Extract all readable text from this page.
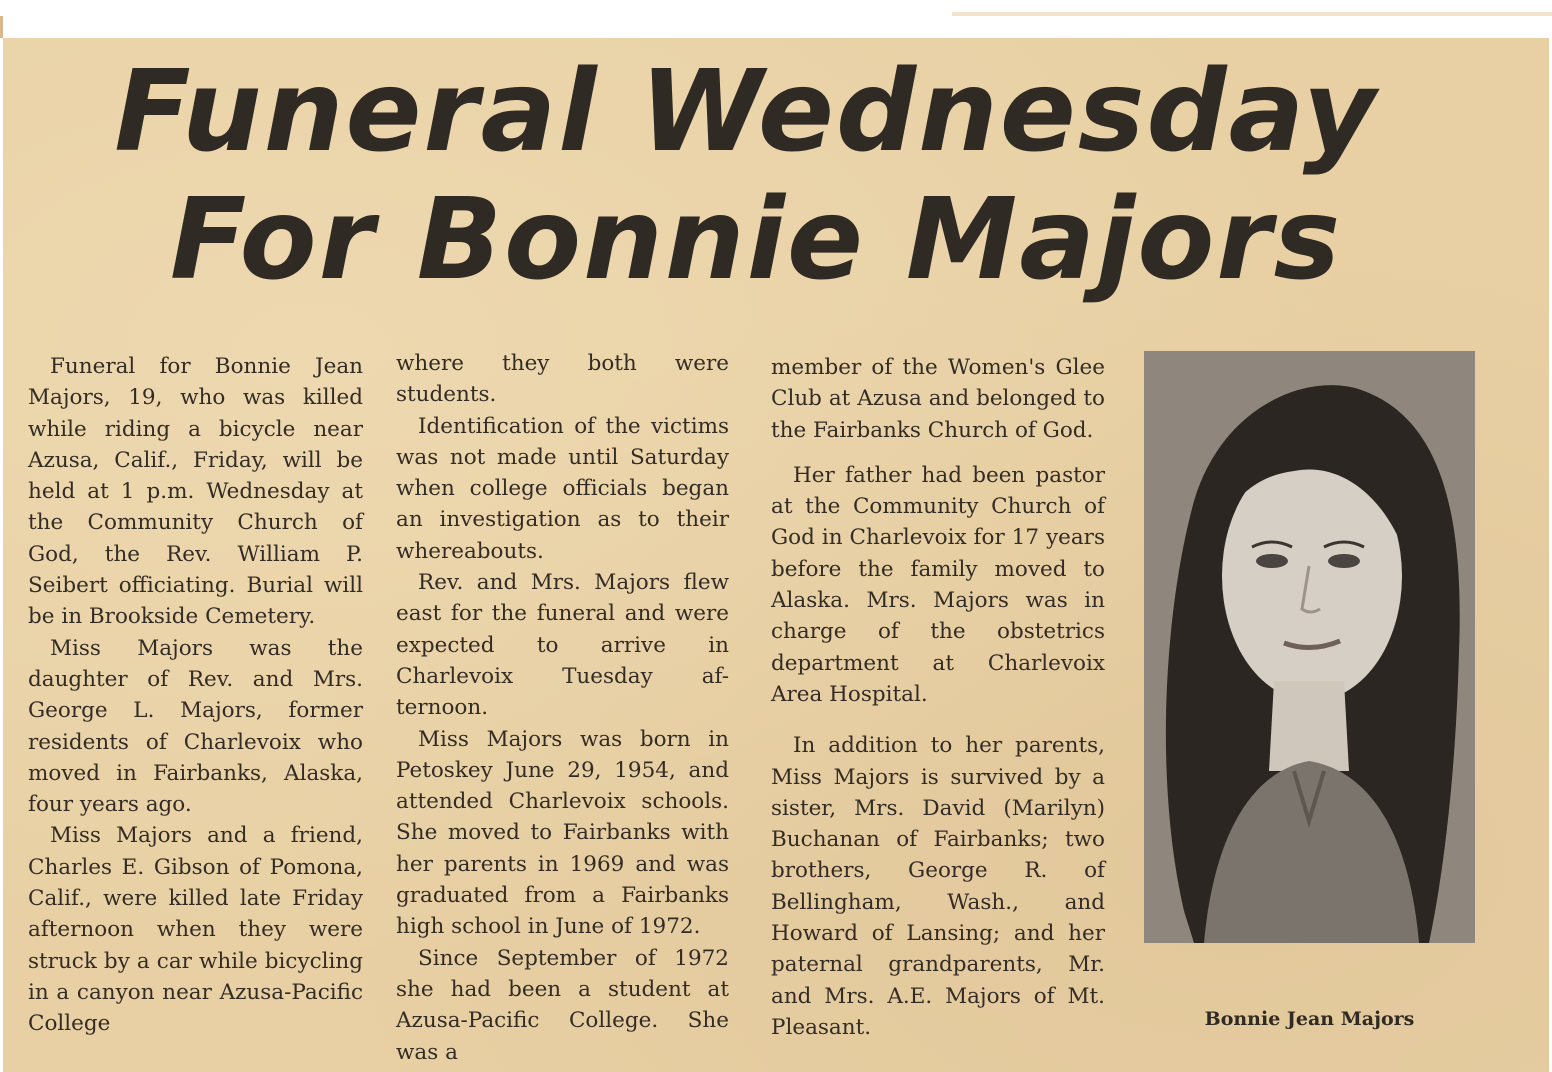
Funeral Wednesday
For Bonnie Majors

Funeral for Bonnie Jean Majors, 19, who was killed while riding a bicycle near Azusa, Calif., Friday, will be held at 1 p.m. Wednesday at the Community Church of God, the Rev. William P. Seibert officiating. Burial will be in Brookside Cemetery.

Miss Majors was the daughter of Rev. and Mrs. George L. Majors, former residents of Charlevoix who moved in Fairbanks, Alaska, four years ago.

Miss Majors and a friend, Charles E. Gibson of Pomona, Calif., were killed late Friday afternoon when they were struck by a car while bicycling in a canyon near Azusa-Pacific College

where they both were students.

Identification of the victims was not made until Saturday when college officials began an investigation as to their whereabouts.

Rev. and Mrs. Majors flew east for the funeral and were expected to arrive in Charlevoix Tuesday af- ternoon.

Miss Majors was born in Petoskey June 29, 1954, and attended Charlevoix schools. She moved to Fairbanks with her parents in 1969 and was graduated from a Fairbanks high school in June of 1972.

Since September of 1972 she had been a student at Azusa-Pacific College. She was a

member of the Women's Glee Club at Azusa and belonged to the Fairbanks Church of God.

Her father had been pastor at the Community Church of God in Charlevoix for 17 years before the family moved to Alaska. Mrs. Majors was in charge of the obstetrics department at Charlevoix Area Hospital.

In addition to her parents, Miss Majors is survived by a sister, Mrs. David (Marilyn) Buchanan of Fairbanks; two brothers, George R. of Bellingham, Wash., and Howard of Lansing; and her paternal grandparents, Mr. and Mrs. A.E. Majors of Mt. Pleasant.	Bonnie Jean Majors
